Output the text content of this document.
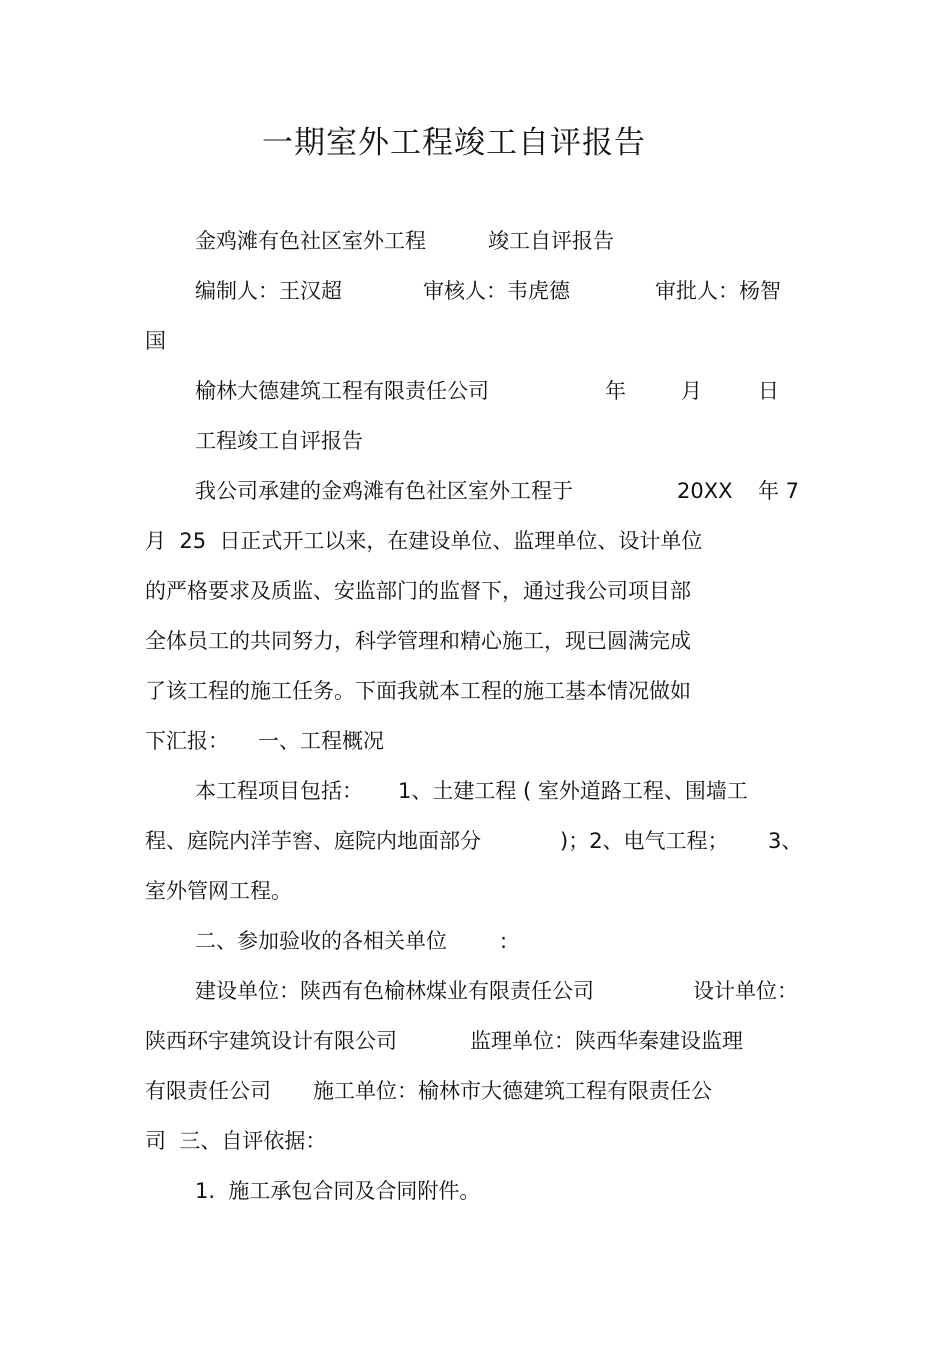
一期室外工程竣工自评报告

金鸡滩有色社区室外工程

	竣工自评报告

编制人：王汉超

	审核人：韦虎德

	审批人：杨智

国

榆林大德建筑工程有限责任公司

	年

	月

	日

工程竣工自评报告

我公司承建的金鸡滩有色社区室外工程于

	20XX

年 7

月  25  日正式开工以来，在建设单位、监理单位、设计单位
的严格要求及质监、安监部门的监督下，通过我公司项目部
全体员工的共同努力，科学管理和精心施工，现已圆满完成
了该工程的施工任务。下面我就本工程的施工基本情况做如

下汇报：

一、工程概况

本工程项目包括：

1、土建工程 ( 室外道路工程、围墙工

程、庭院内洋芋窖、庭院内地面部分

	)；2、电气工程；

3、

室外管网工程。

二、参加验收的各相关单位

	:

建设单位：陕西有色榆林煤业有限责任公司

	设计单位：

陕西环宇建筑设计有限公司

	监理单位：陕西华秦建设监理

有限责任公司

施工单位：榆林市大德建筑工程有限责任公

司  三、自评依据：
1.  施工承包合同及合同附件。
